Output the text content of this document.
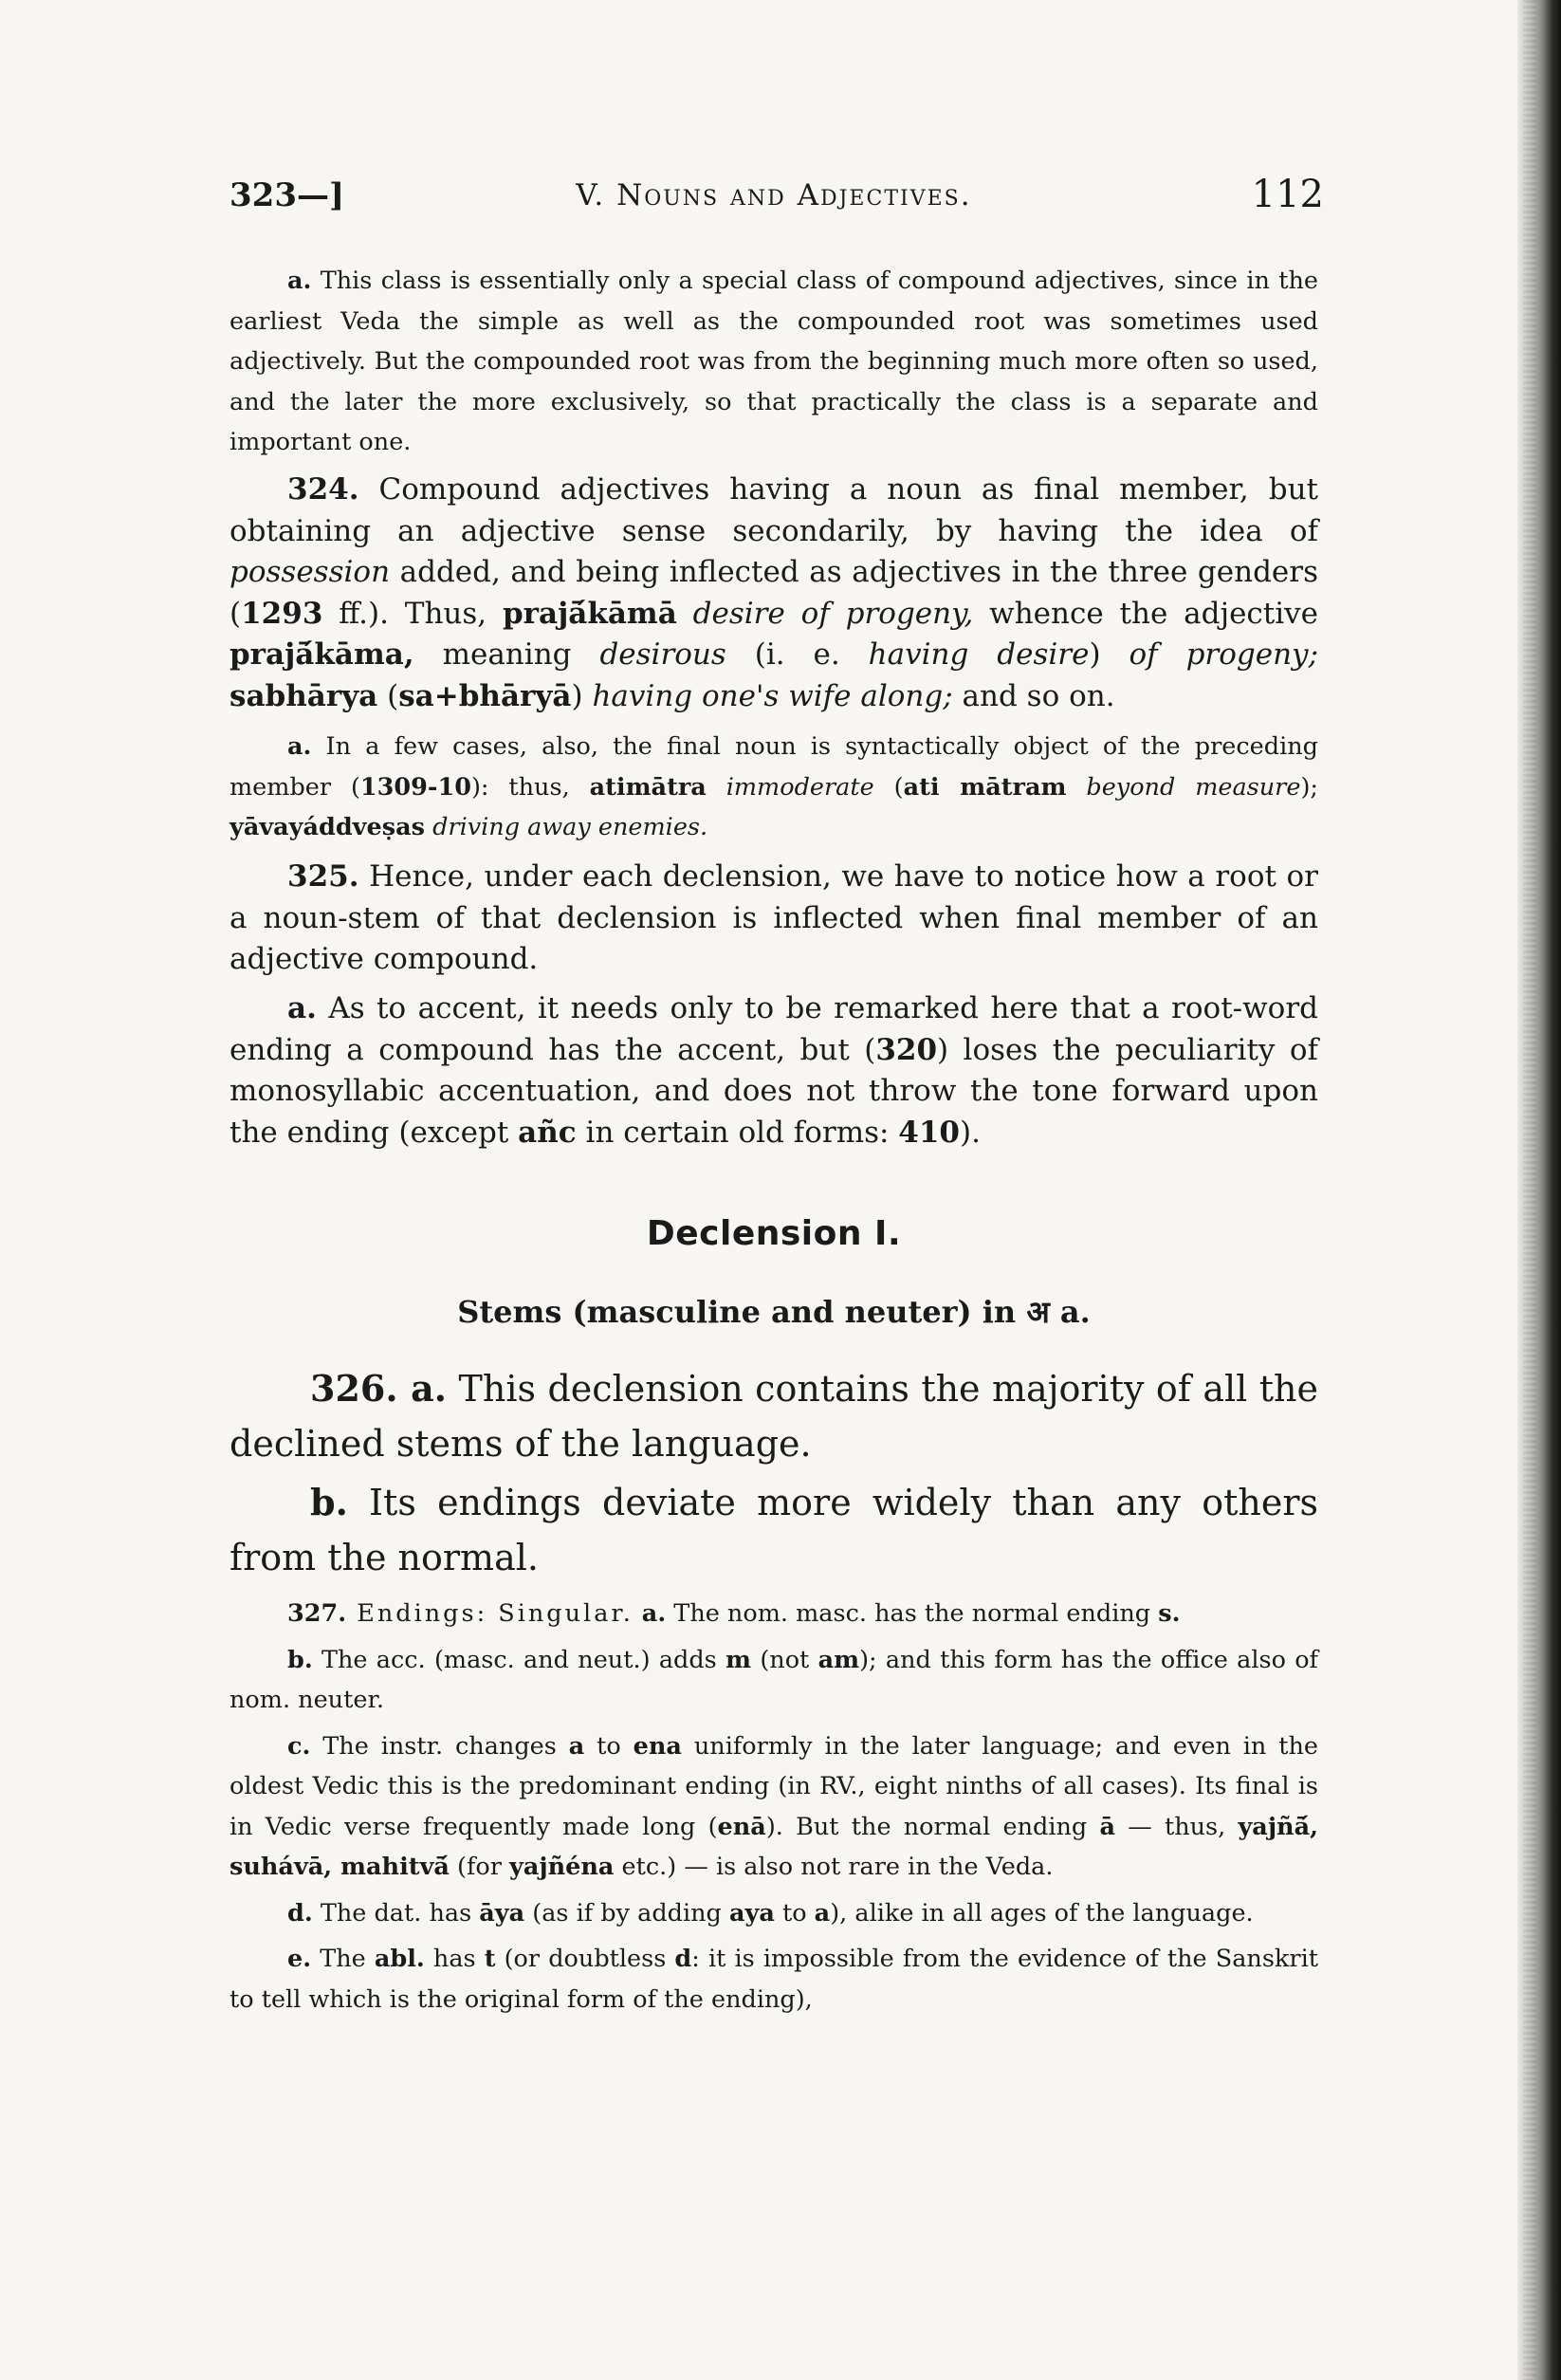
323—]	V. Nouns and Adjectives.	112

a. This class is essentially only a special class of compound adjectives, since in the earliest Veda the simple as well as the compounded root was sometimes used adjectively. But the compounded root was from the beginning much more often so used, and the later the more exclusively, so that practically the class is a separate and important one.

324. Compound adjectives having a noun as final member, but obtaining an adjective sense secondarily, by having the idea of possession added, and being inflected as adjectives in the three genders (1293 ff.). Thus, prajā́kāmā desire of progeny, whence the adjective prajā́kāma, meaning desirous (i. e. having desire) of progeny; sabhārya (sa+bhāryā) having one's wife along; and so on.

a. In a few cases, also, the final noun is syntactically object of the preceding member (1309-10): thus, atimātra immoderate (ati mātram beyond measure); yāvayáddveṣas driving away enemies.

325. Hence, under each declension, we have to notice how a root or a noun-stem of that declension is inflected when final member of an adjective compound.

a. As to accent, it needs only to be remarked here that a root-word ending a compound has the accent, but (320) loses the peculiarity of monosyllabic accentuation, and does not throw the tone forward upon the ending (except añc in certain old forms: 410).

Declension I.
Stems (masculine and neuter) in अ a.

326. a. This declension contains the majority of all the declined stems of the language.

b. Its endings deviate more widely than any others from the normal.

327. Endings: Singular. a. The nom. masc. has the normal ending s.

b. The acc. (masc. and neut.) adds m (not am); and this form has the office also of nom. neuter.

c. The instr. changes a to ena uniformly in the later language; and even in the oldest Vedic this is the predominant ending (in RV., eight ninths of all cases). Its final is in Vedic verse frequently made long (enā). But the normal ending ā — thus, yajñā́, suhávā, mahitvā́ (for yajñéna etc.) — is also not rare in the Veda.

d. The dat. has āya (as if by adding aya to a), alike in all ages of the language.

e. The abl. has t (or doubtless d: it is impossible from the evidence of the Sanskrit to tell which is the original form of the ending),
